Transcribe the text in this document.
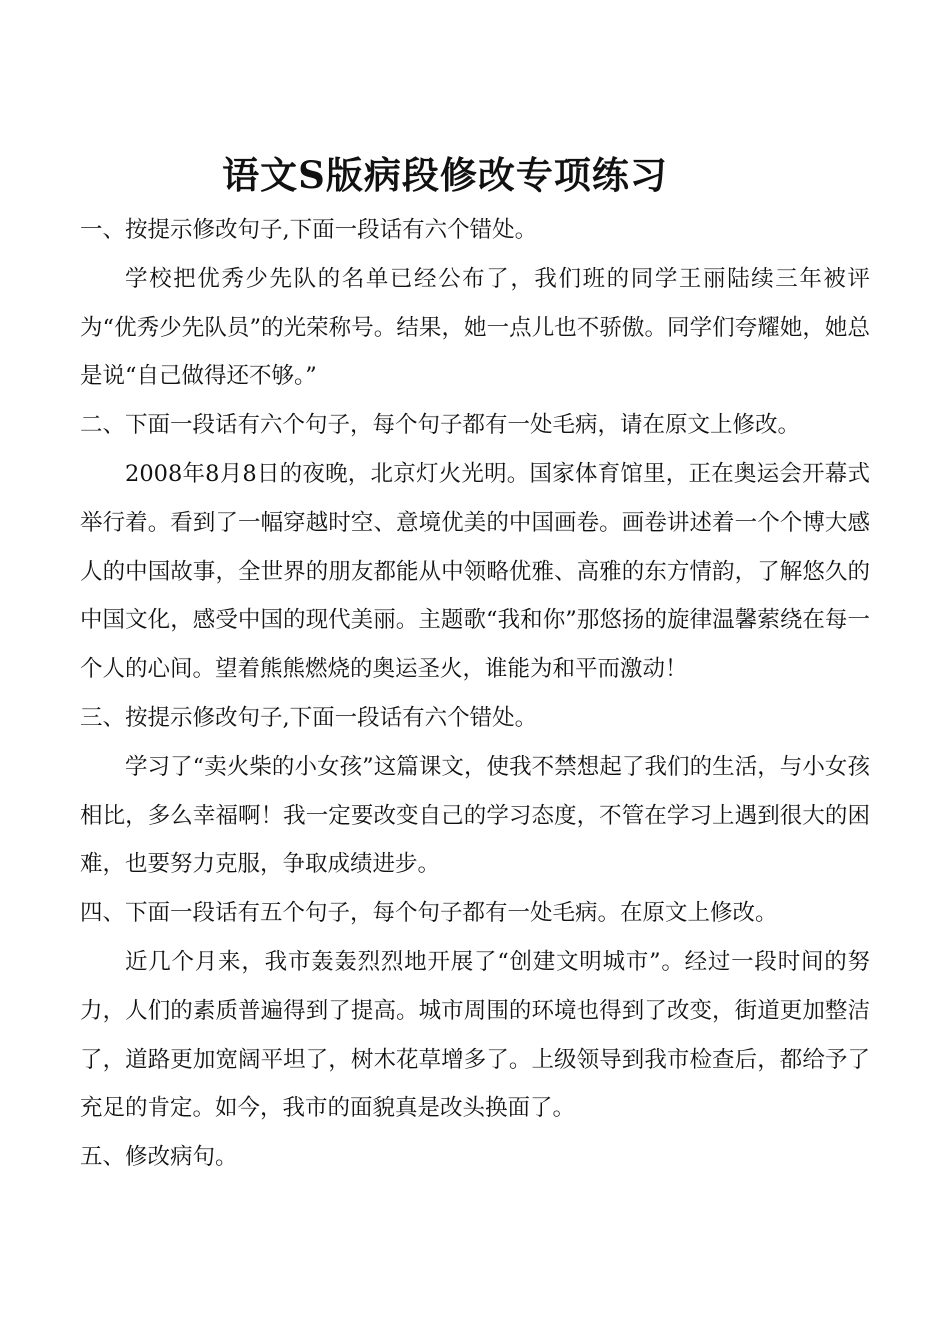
语文S版病段修改专项练习

一、按提示修改句子,下面一段话有六个错处。

学校把优秀少先队的名单已经公布了，我们班的同学王丽陆续三年被评为“优秀少先队员”的光荣称号。结果，她一点儿也不骄傲。同学们夸耀她，她总是说“自己做得还不够。”

二、下面一段话有六个句子，每个句子都有一处毛病，请在原文上修改。

2008年8月8日的夜晚，北京灯火光明。国家体育馆里，正在奥运会开幕式举行着。看到了一幅穿越时空、意境优美的中国画卷。画卷讲述着一个个博大感人的中国故事，全世界的朋友都能从中领略优雅、高雅的东方情韵，了解悠久的中国文化，感受中国的现代美丽。主题歌“我和你”那悠扬的旋律温馨萦绕在每一个人的心间。望着熊熊燃烧的奥运圣火，谁能为和平而激动！

三、按提示修改句子,下面一段话有六个错处。

学习了“卖火柴的小女孩”这篇课文，使我不禁想起了我们的生活，与小女孩相比，多么幸福啊！我一定要改变自己的学习态度，不管在学习上遇到很大的困难，也要努力克服，争取成绩进步。

四、下面一段话有五个句子，每个句子都有一处毛病。在原文上修改。

近几个月来，我市轰轰烈烈地开展了“创建文明城市”。经过一段时间的努力，人们的素质普遍得到了提高。城市周围的环境也得到了改变，街道更加整洁了，道路更加宽阔平坦了，树木花草增多了。上级领导到我市检查后，都给予了充足的肯定。如今，我市的面貌真是改头换面了。

五、修改病句。
